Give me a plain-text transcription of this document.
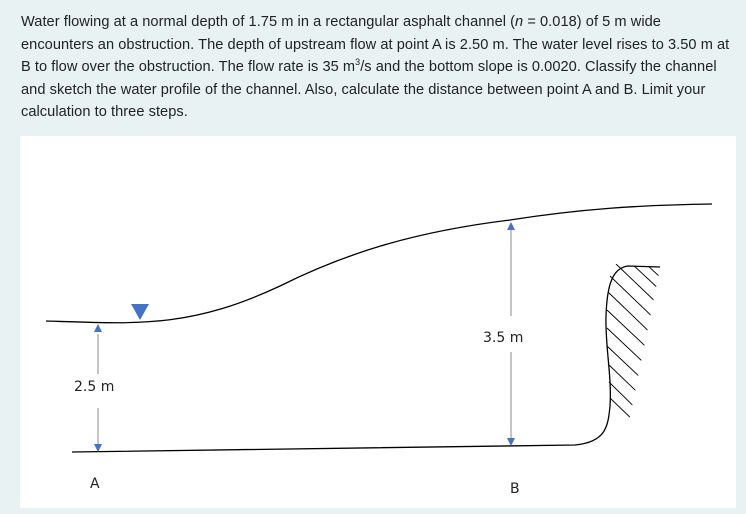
Water flowing at a normal depth of 1.75 m in a rectangular asphalt channel (n = 0.018) of 5 m wide encounters an obstruction. The depth of upstream flow at point A is 2.50 m. The water level rises to 3.50 m at B to flow over the obstruction. The flow rate is 35 $m^3/s$ and the bottom slope is 0.0020. Classify the channel and sketch the water profile of the channel. Also, calculate the distance between point A and B. Limit your calculation to three steps.

2.5 m
3.5 m
A	B
